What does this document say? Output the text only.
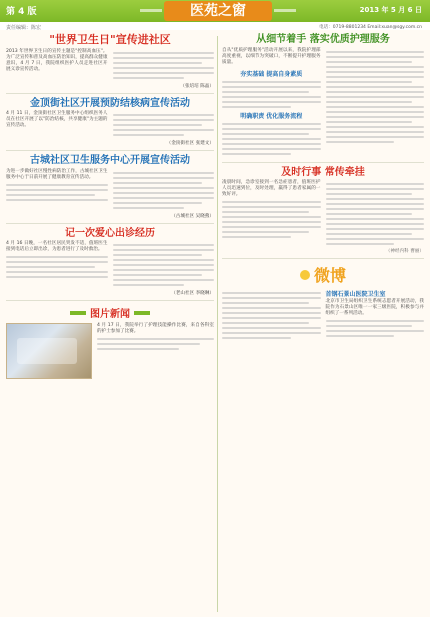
第 4 版
责任编辑：陈宏
医苑之窗	2013 年 5 月 6 日
电话：0719-8801234 Email:xuan@sgy.com.cn
"世界卫生日"宣传进社区
2013 年世界卫生日的宣传主题是"控制高血压"。为广泛宣传和普及高血压防治知识，提高群众健康意识，4 月 7 日，我院组织医护人员走进社区开展义诊宣传活动。
（张培培 陈晶）
金顶街社区开展预防结核病宣传活动
4 月 11 日，金顶街社区卫生服务中心组织医务人员在社区开展了以"防治结核，共享健康"为主题的宣传活动。
（金顶街社区 张建文）
古城社区卫生服务中心开展宣传活动
为进一步做好社区慢性病防治工作，古城社区卫生服务中心于日前开展了健康教育宣传活动。
（古城社区 吴晓燕）
记一次爱心出诊经历
4 月 16 日晚，一名社区居民突发不适，值班医生接到电话后立即出诊，为患者进行了及时救治。
（老山社区 李晓琳）
图片新闻
4 月 17 日，我院举行了护理技能操作比赛，来自各科室的护士参加了比赛。
从细节着手 落实优质护理服务
自从"优质护理服务"活动开展以来，我院护理部高度重视，以细节为突破口，不断提升护理服务质量。
夯实基础 提高自身素质
明确职责 优化服务流程
及时行事 常传牵挂
凌晨时间，急诊室接到一名急症患者，值班医护人员迅速到位，及时处理，赢得了患者家属的一致好评。
（神经内科 曹丽）
微博
首钢石景山医院卫生室
北京市卫生局组织卫生系统志愿者开展活动，我院作为石景山区唯一一家三级医院，积极参与并组织了一系列活动。
